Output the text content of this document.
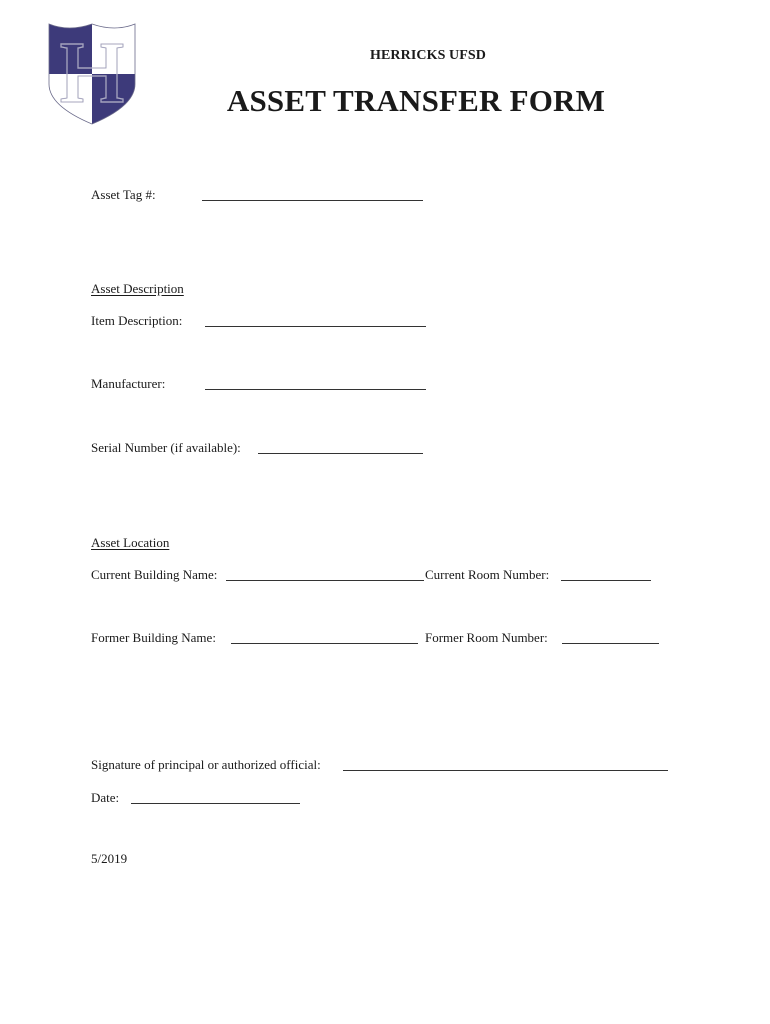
HERRICKS UFSD
ASSET TRANSFER FORM
Asset Tag #:
Asset Description
Item Description:
Manufacturer:
Serial Number (if available):
Asset Location
Current Building Name:	Current Room Number:
Former Building Name:	Former Room Number:
Signature of principal or authorized official:
Date:
5/2019
